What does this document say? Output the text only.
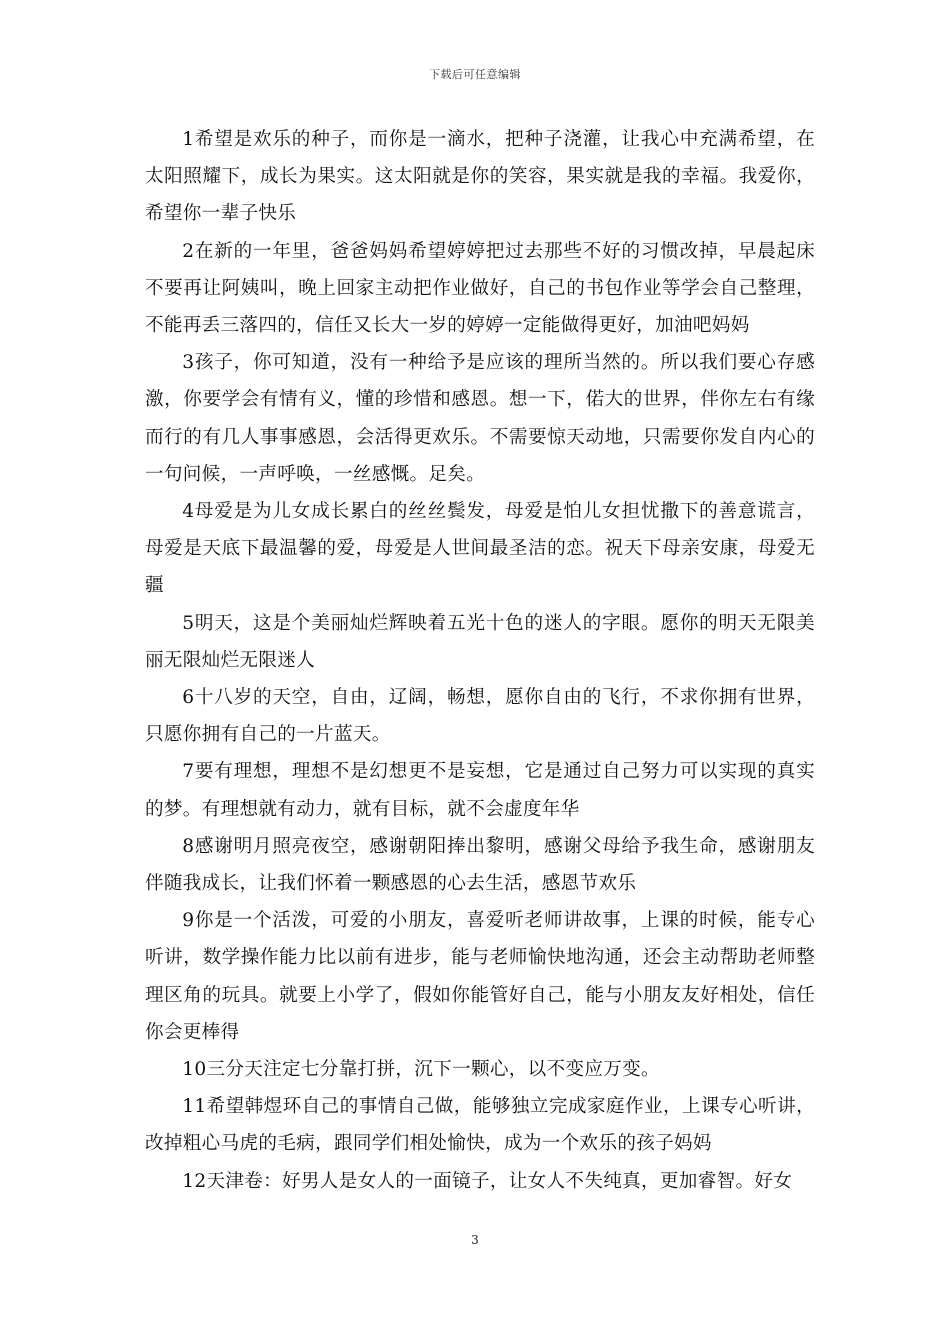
下载后可任意编辑

1希望是欢乐的种子，而你是一滴水，把种子浇灌，让我心中充满希望，在太阳照耀下，成长为果实。这太阳就是你的笑容，果实就是我的幸福。我爱你，希望你一辈子快乐

2在新的一年里，爸爸妈妈希望婷婷把过去那些不好的习惯改掉，早晨起床不要再让阿姨叫，晚上回家主动把作业做好，自己的书包作业等学会自己整理，不能再丢三落四的，信任又长大一岁的婷婷一定能做得更好，加油吧妈妈

3孩子，你可知道，没有一种给予是应该的理所当然的。所以我们要心存感激，你要学会有情有义，懂的珍惜和感恩。想一下，偌大的世界，伴你左右有缘而行的有几人事事感恩，会活得更欢乐。不需要惊天动地，只需要你发自内心的一句问候，一声呼唤，一丝感慨。足矣。

4母爱是为儿女成长累白的丝丝鬓发，母爱是怕儿女担忧撒下的善意谎言，母爱是天底下最温馨的爱，母爱是人世间最圣洁的恋。祝天下母亲安康，母爱无疆

5明天，这是个美丽灿烂辉映着五光十色的迷人的字眼。愿你的明天无限美丽无限灿烂无限迷人

6十八岁的天空，自由，辽阔，畅想，愿你自由的飞行，不求你拥有世界，只愿你拥有自己的一片蓝天。

7要有理想，理想不是幻想更不是妄想，它是通过自己努力可以实现的真实的梦。有理想就有动力，就有目标，就不会虚度年华

8感谢明月照亮夜空，感谢朝阳捧出黎明，感谢父母给予我生命，感谢朋友伴随我成长，让我们怀着一颗感恩的心去生活，感恩节欢乐

9你是一个活泼，可爱的小朋友，喜爱听老师讲故事，上课的时候，能专心听讲，数学操作能力比以前有进步，能与老师愉快地沟通，还会主动帮助老师整理区角的玩具。就要上小学了，假如你能管好自己，能与小朋友友好相处，信任你会更棒得

10三分天注定七分靠打拼，沉下一颗心，以不变应万变。

11希望韩煜环自己的事情自己做，能够独立完成家庭作业，上课专心听讲，改掉粗心马虎的毛病，跟同学们相处愉快，成为一个欢乐的孩子妈妈

12天津卷：好男人是女人的一面镜子，让女人不失纯真，更加睿智。好女

3
